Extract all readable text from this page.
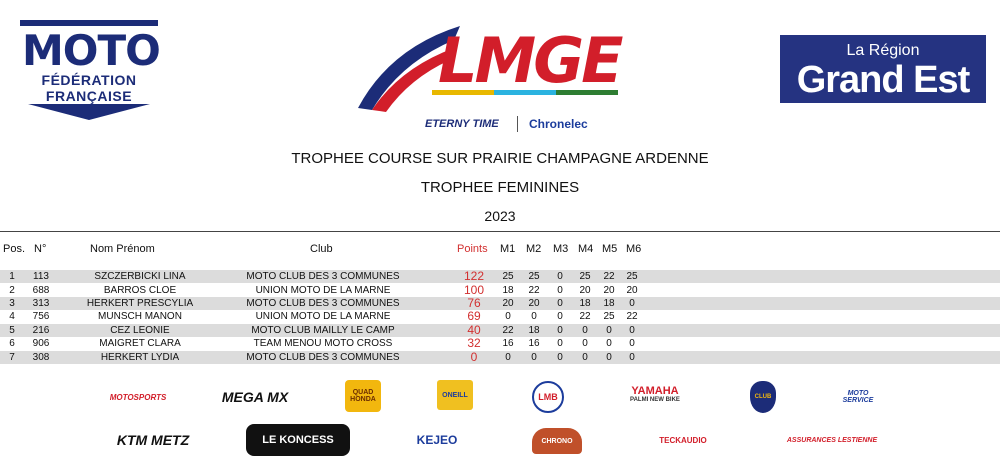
MOTO
FÉDÉRATION
FRANÇAISE	LMGE
ETERNY TIME	Chronelec
La Région
Grand Est
TROPHEE COURSE SUR PRAIRIE CHAMPAGNE ARDENNE
TROPHEE FEMININES
2023
Pos. N°	Nom Prénom	Club	Points M1 M2 M3 M4 M5 M6
1	113	SZCZERBICKI LINA	MOTO CLUB DES 3 COMMUNES	122	25	25	0	25	22	25
2	688	BARROS CLOE	UNION MOTO DE LA MARNE	100	18	22	0	20	20	20
3	313	HERKERT PRESCYLIA	MOTO CLUB DES 3 COMMUNES	76	20	20	0	18	18	0
4	756	MUNSCH MANON	UNION MOTO DE LA MARNE	69	0	0	0	22	25	22
5	216	CEZ LEONIE	MOTO CLUB MAILLY LE CAMP	40	22	18	0	0	0	0
6	906	MAIGRET CLARA	TEAM MENOU MOTO CROSS	32	16	16	0	0	0	0
7	308	HERKERT LYDIA	MOTO CLUB DES 3 COMMUNES	0	0	0	0	0	0	0
MOTOSPORTS	MEGA MX	QUAD HONDA
ONEILL	LMB	YAMAHA
PALMI NEW BIKE	CLUB	MOTO SERVICE
KTM METZ	LE KONCESS	KEJEO	CHRONO	TECKAUDIO	ASSURANCES LESTIENNE
